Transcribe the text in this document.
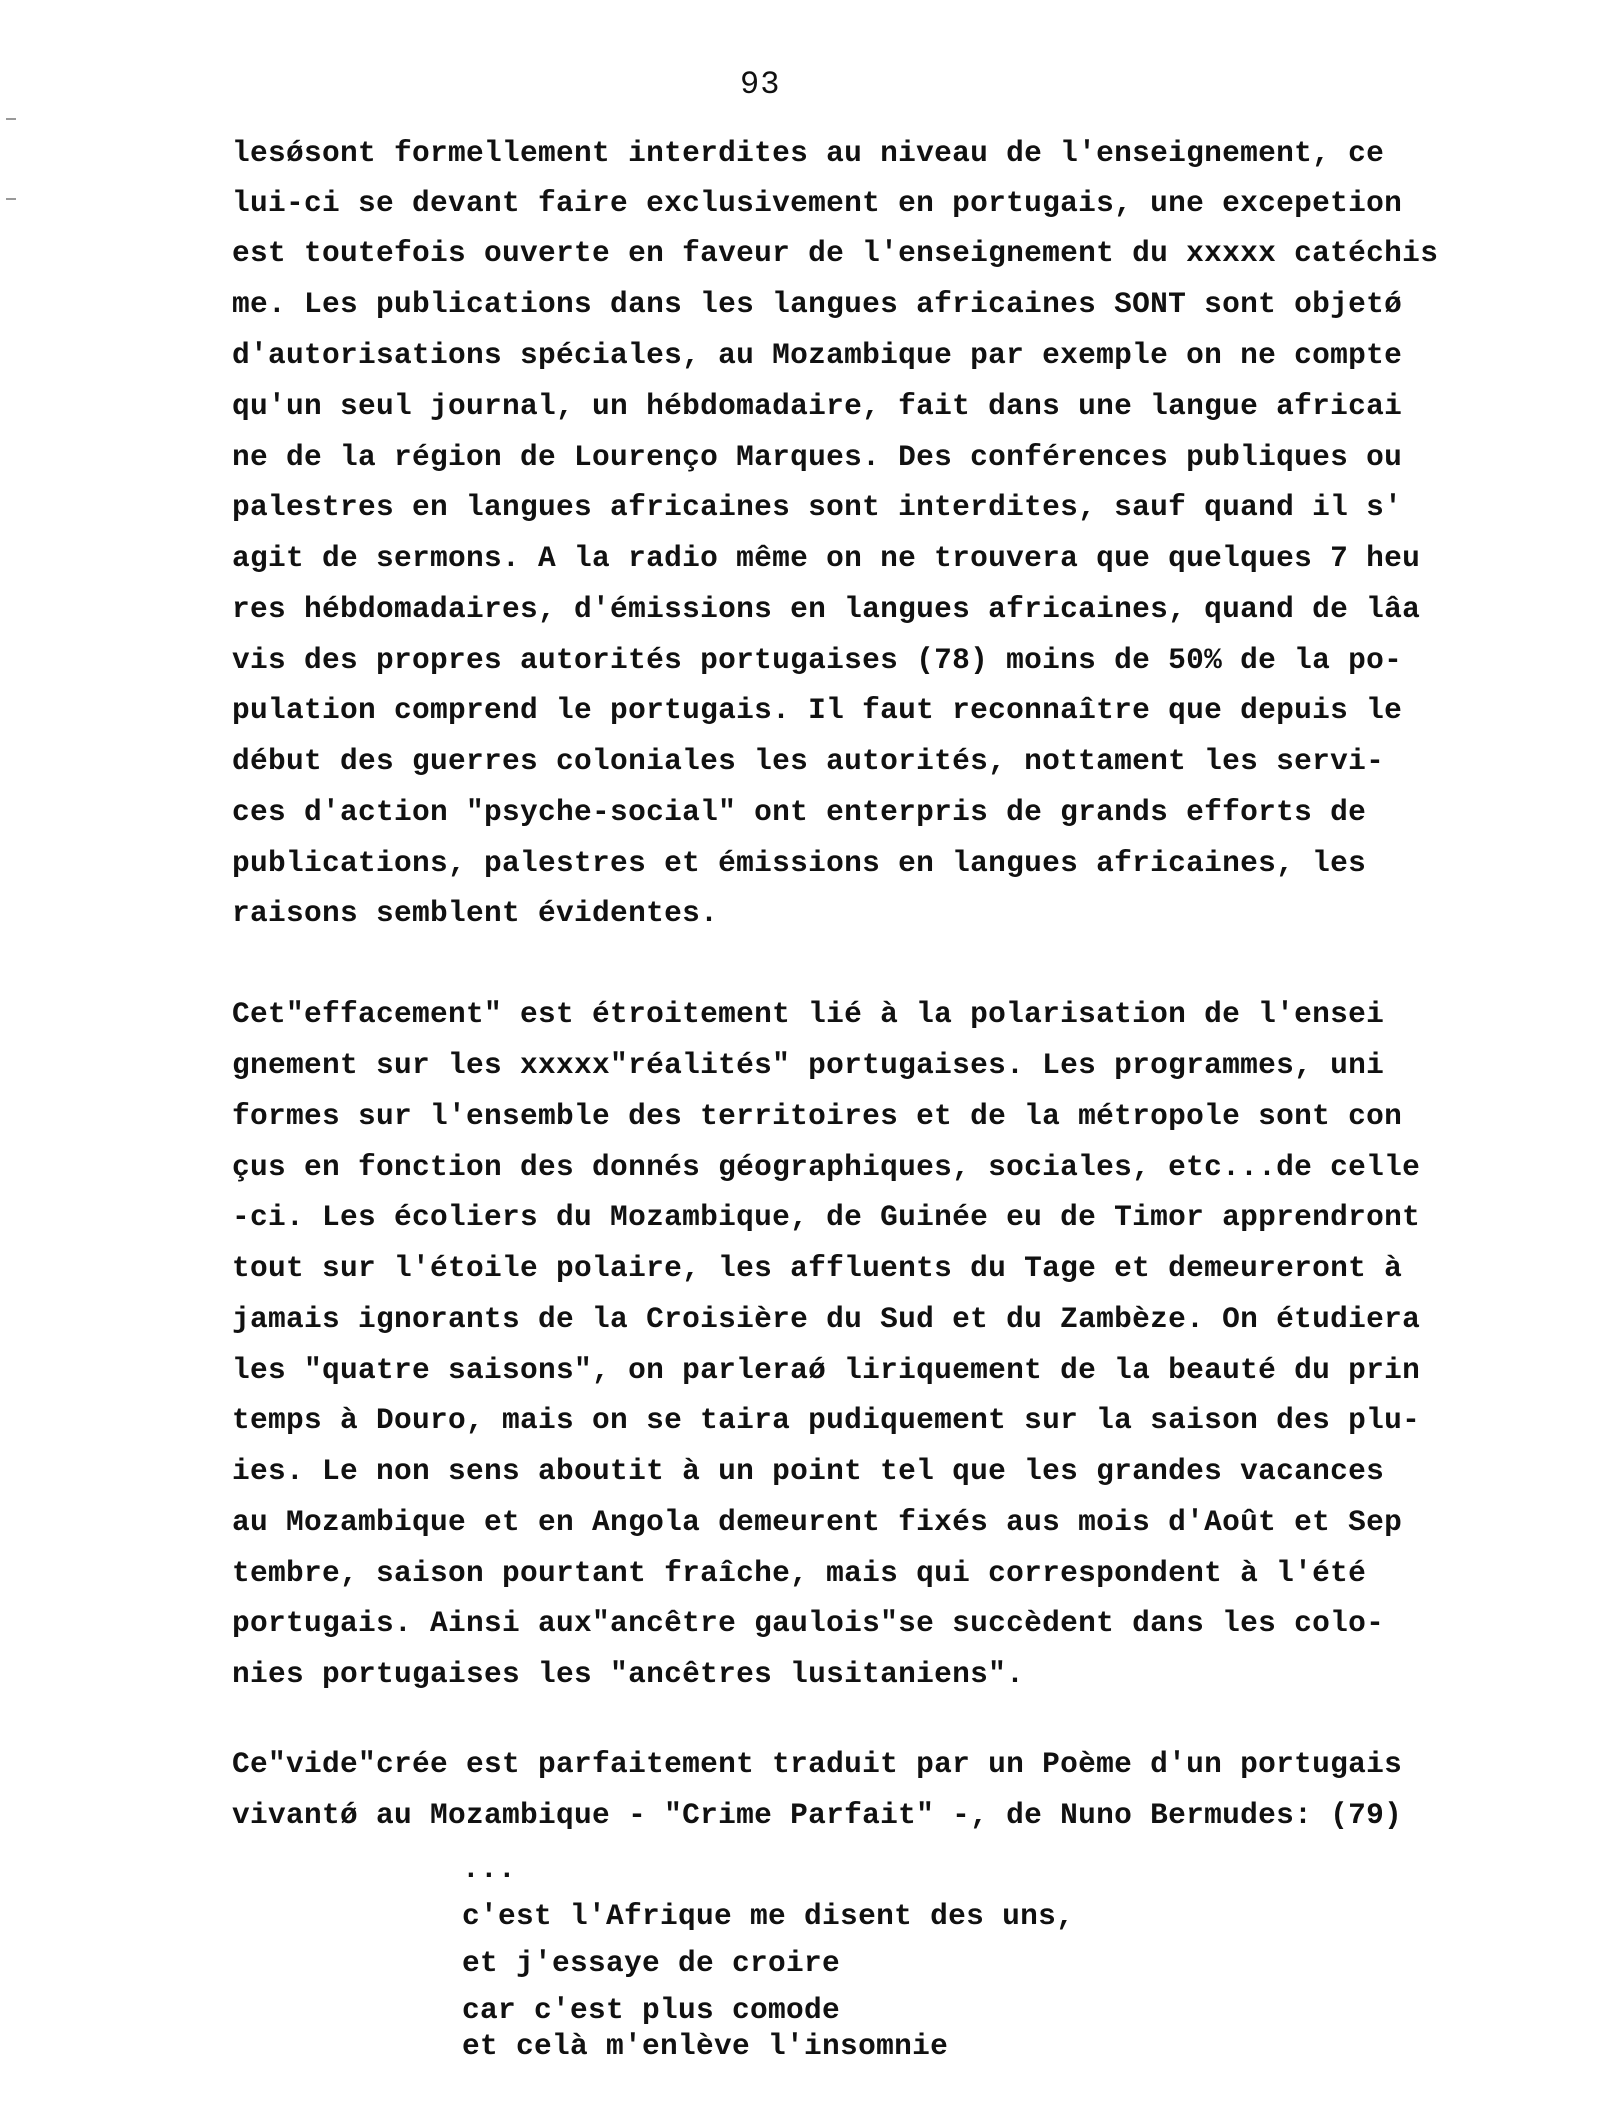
93
lesǿsont formellement interdites au niveau de l'enseignement, ce
lui-ci se devant faire exclusivement en portugais, une excepetion
est toutefois ouverte en faveur de l'enseignement du xxxxx catéchis
me. Les publications dans les langues africaines SONT sont objetǿ
d'autorisations spéciales, au Mozambique par exemple on ne compte
qu'un seul journal, un hébdomadaire, fait dans une langue africai
ne de la région de Lourenço Marques. Des conférences publiques ou
palestres en langues africaines sont interdites, sauf quand il s'
agit de sermons. A la radio même on ne trouvera que quelques 7 heu
res hébdomadaires, d'émissions en langues africaines, quand de lâa
vis des propres autorités portugaises (78) moins de 50% de la po-
pulation comprend le portugais. Il faut reconnaître que depuis le
début des guerres coloniales les autorités, nottament les servi-
ces d'action "psyche-social" ont enterpris de grands efforts de
publications, palestres et émissions en langues africaines, les
raisons semblent évidentes.
Cet"effacement" est étroitement lié à la polarisation de l'ensei
gnement sur les xxxxx"réalités" portugaises. Les programmes, uni
formes sur l'ensemble des territoires et de la métropole sont con
çus en fonction des donnés géographiques, sociales, etc...de celle
-ci. Les écoliers du Mozambique, de Guinée eu de Timor apprendront
tout sur l'étoile polaire, les affluents du Tage et demeureront à
jamais ignorants de la Croisière du Sud et du Zambèze. On étudiera
les "quatre saisons", on parleraǿ liriquement de la beauté du prin
temps à Douro, mais on se taira pudiquement sur la saison des plu-
ies. Le non sens aboutit à un point tel que les grandes vacances
au Mozambique et en Angola demeurent fixés aus mois d'Août et Sep
tembre, saison pourtant fraîche, mais qui correspondent à l'été
portugais. Ainsi aux"ancêtre gaulois"se succèdent dans les colo-
nies portugaises les "ancêtres lusitaniens".
Ce"vide"crée est parfaitement traduit par un Poème d'un portugais
vivantǿ au Mozambique - "Crime Parfait" -, de Nuno Bermudes: (79)
...
c'est l'Afrique me disent des uns,
et j'essaye de croire
car c'est plus comode
et celà m'enlève l'insomnie
